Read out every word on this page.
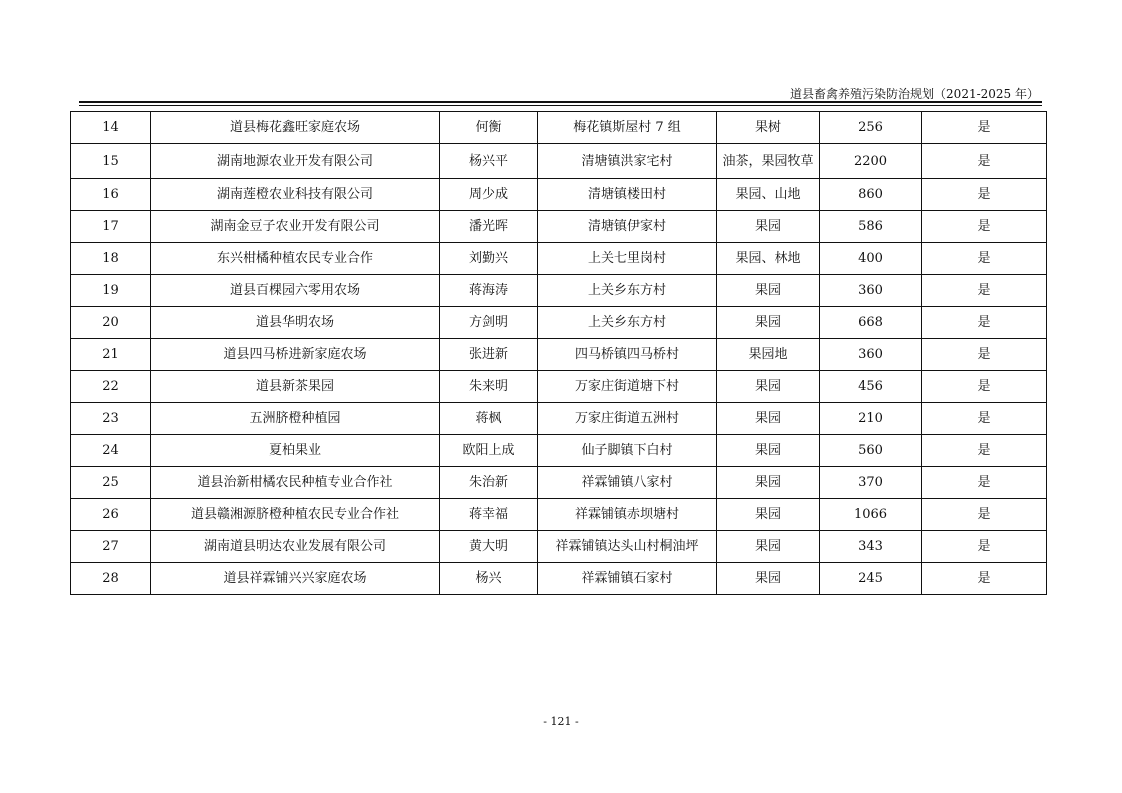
道县畜禽养殖污染防治规划（2021-2025 年）
14	道县梅花鑫旺家庭农场	何衡	梅花镇斯屋村 7 组	果树	256	是
15	湖南地源农业开发有限公司	杨兴平	清塘镇洪家宅村	油茶，果园牧草	2200	是
16	湖南莲橙农业科技有限公司	周少成	清塘镇楼田村	果园、山地	860	是
17	湖南金豆子农业开发有限公司	潘光晖	清塘镇伊家村	果园	586	是
18	东兴柑橘种植农民专业合作	刘勤兴	上关七里岗村	果园、林地	400	是
19	道县百棵园六零用农场	蒋海涛	上关乡东方村	果园	360	是
20	道县华明农场	方剑明	上关乡东方村	果园	668	是
21	道县四马桥进新家庭农场	张进新	四马桥镇四马桥村	果园地	360	是
22	道县新茶果园	朱来明	万家庄街道塘下村	果园	456	是
23	五洲脐橙种植园	蒋枫	万家庄街道五洲村	果园	210	是
24	夏柏果业	欧阳上成	仙子脚镇下白村	果园	560	是
25	道县治新柑橘农民种植专业合作社	朱治新	祥霖铺镇八家村	果园	370	是
26	道县赣湘源脐橙种植农民专业合作社	蒋幸福	祥霖铺镇赤坝塘村	果园	1066	是
27	湖南道县明达农业发展有限公司	黄大明	祥霖铺镇达头山村桐油坪	果园	343	是
28	道县祥霖铺兴兴家庭农场	杨兴	祥霖铺镇石家村	果园	245	是
- 121 -
